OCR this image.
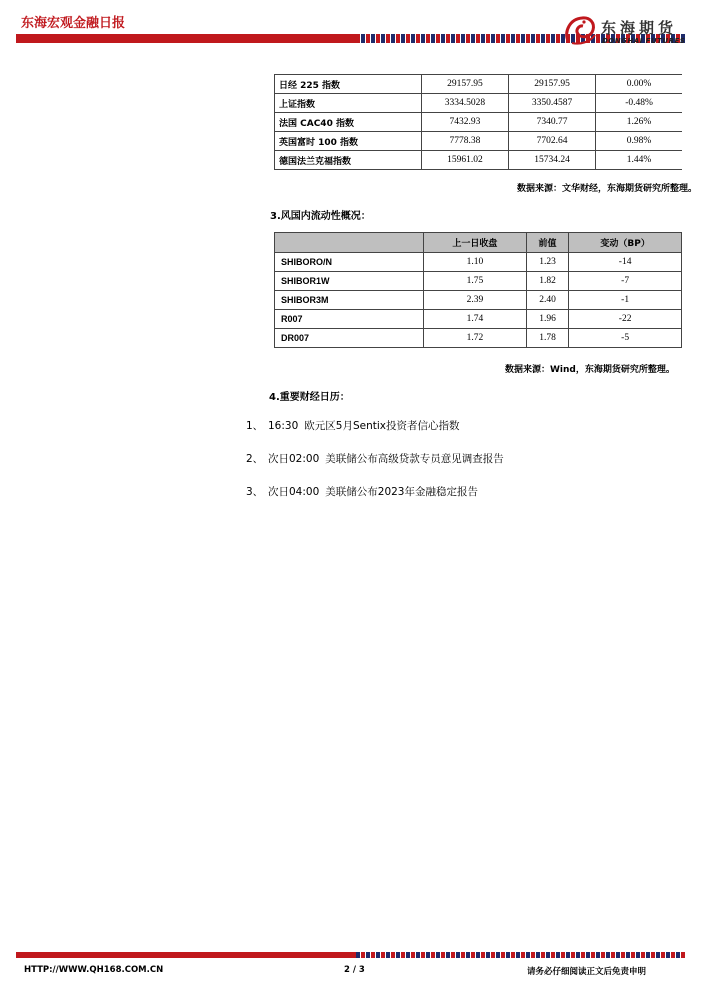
东海宏观金融日报	东海期货
DONGHAI FUTURES
日经 225 指数	29157.95	29157.95	0.00%
上证指数	3334.5028	3350.4587	-0.48%
法国 CAC40 指数	7432.93	7340.77	1.26%
英国富时 100 指数	7778.38	7702.64	0.98%
德国法兰克福指数	15961.02	15734.24	1.44%
数据来源：文华财经，东海期货研究所整理。
3.风国内流动性概况：
	上一日收盘	前值	变动（BP）
SHIBORO/N	1.10	1.23	-14
SHIBOR1W	1.75	1.82	-7
SHIBOR3M	2.39	2.40	-1
R007	1.74	1.96	-22
DR007	1.72	1.78	-5
数据来源：Wind，东海期货研究所整理。
4.重要财经日历：
1、 16:30 欧元区5月Sentix投资者信心指数
2、 次日02:00 美联储公布高级贷款专员意见调查报告
3、 次日04:00 美联储公布2023年金融稳定报告
HTTP://WWW.QH168.COM.CN	2 / 3	请务必仔细阅读正文后免责申明
